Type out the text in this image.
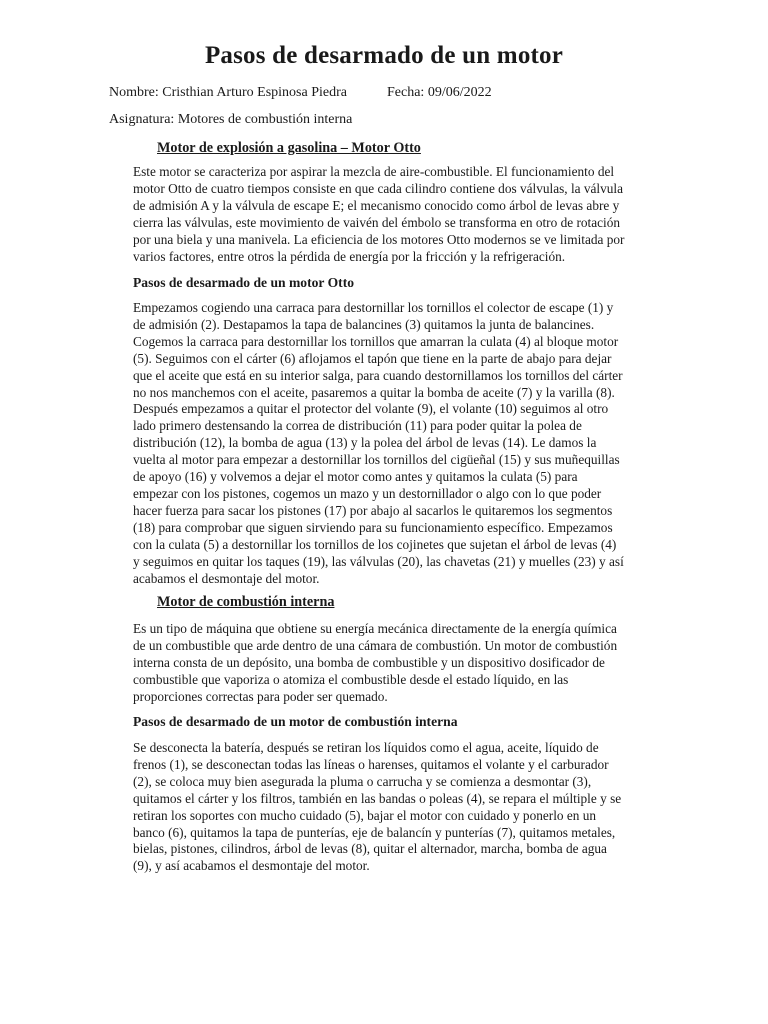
Pasos de desarmado de un motor
Nombre: Cristhian Arturo Espinosa Piedra	Fecha: 09/06/2022
Asignatura: Motores de combustión interna
Motor de explosión a gasolina – Motor Otto
Este motor se caracteriza por aspirar la mezcla de aire-combustible. El funcionamiento del
motor Otto de cuatro tiempos consiste en que cada cilindro contiene dos válvulas, la válvula
de admisión A y la válvula de escape E; el mecanismo conocido como árbol de levas abre y
cierra las válvulas, este movimiento de vaivén del émbolo se transforma en otro de rotación
por una biela y una manivela. La eficiencia de los motores Otto modernos se ve limitada por
varios factores, entre otros la pérdida de energía por la fricción y la refrigeración.
Pasos de desarmado de un motor Otto
Empezamos cogiendo una carraca para destornillar los tornillos el colector de escape (1) y
de admisión (2). Destapamos la tapa de balancines (3) quitamos la junta de balancines.
Cogemos la carraca para destornillar los tornillos que amarran la culata (4) al bloque motor
(5). Seguimos con el cárter (6) aflojamos el tapón que tiene en la parte de abajo para dejar
que el aceite que está en su interior salga, para cuando destornillamos los tornillos del cárter
no nos manchemos con el aceite, pasaremos a quitar la bomba de aceite (7) y la varilla (8).
Después empezamos a quitar el protector del volante (9), el volante (10) seguimos al otro
lado primero destensando la correa de distribución (11) para poder quitar la polea de
distribución (12), la bomba de agua (13) y la polea del árbol de levas (14). Le damos la
vuelta al motor para empezar a destornillar los tornillos del cigüeñal (15) y sus muñequillas
de apoyo (16) y volvemos a dejar el motor como antes y quitamos la culata (5) para
empezar con los pistones, cogemos un mazo y un destornillador o algo con lo que poder
hacer fuerza para sacar los pistones (17) por abajo al sacarlos le quitaremos los segmentos
(18) para comprobar que siguen sirviendo para su funcionamiento específico. Empezamos
con la culata (5) a destornillar los tornillos de los cojinetes que sujetan el árbol de levas (4)
y seguimos en quitar los taques (19), las válvulas (20), las chavetas (21) y muelles (23) y así
acabamos el desmontaje del motor.
Motor de combustión interna
Es un tipo de máquina que obtiene su energía mecánica directamente de la energía química
de un combustible que arde dentro de una cámara de combustión. Un motor de combustión
interna consta de un depósito, una bomba de combustible y un dispositivo dosificador de
combustible que vaporiza o atomiza el combustible desde el estado líquido, en las
proporciones correctas para poder ser quemado.
Pasos de desarmado de un motor de combustión interna
Se desconecta la batería, después se retiran los líquidos como el agua, aceite, líquido de
frenos (1), se desconectan todas las líneas o harenses, quitamos el volante y el carburador
(2), se coloca muy bien asegurada la pluma o carrucha y se comienza a desmontar (3),
quitamos el cárter y los filtros, también en las bandas o poleas (4), se repara el múltiple y se
retiran los soportes con mucho cuidado (5), bajar el motor con cuidado y ponerlo en un
banco (6), quitamos la tapa de punterías, eje de balancín y punterías (7), quitamos metales,
bielas, pistones, cilindros, árbol de levas (8), quitar el alternador, marcha, bomba de agua
(9), y así acabamos el desmontaje del motor.
